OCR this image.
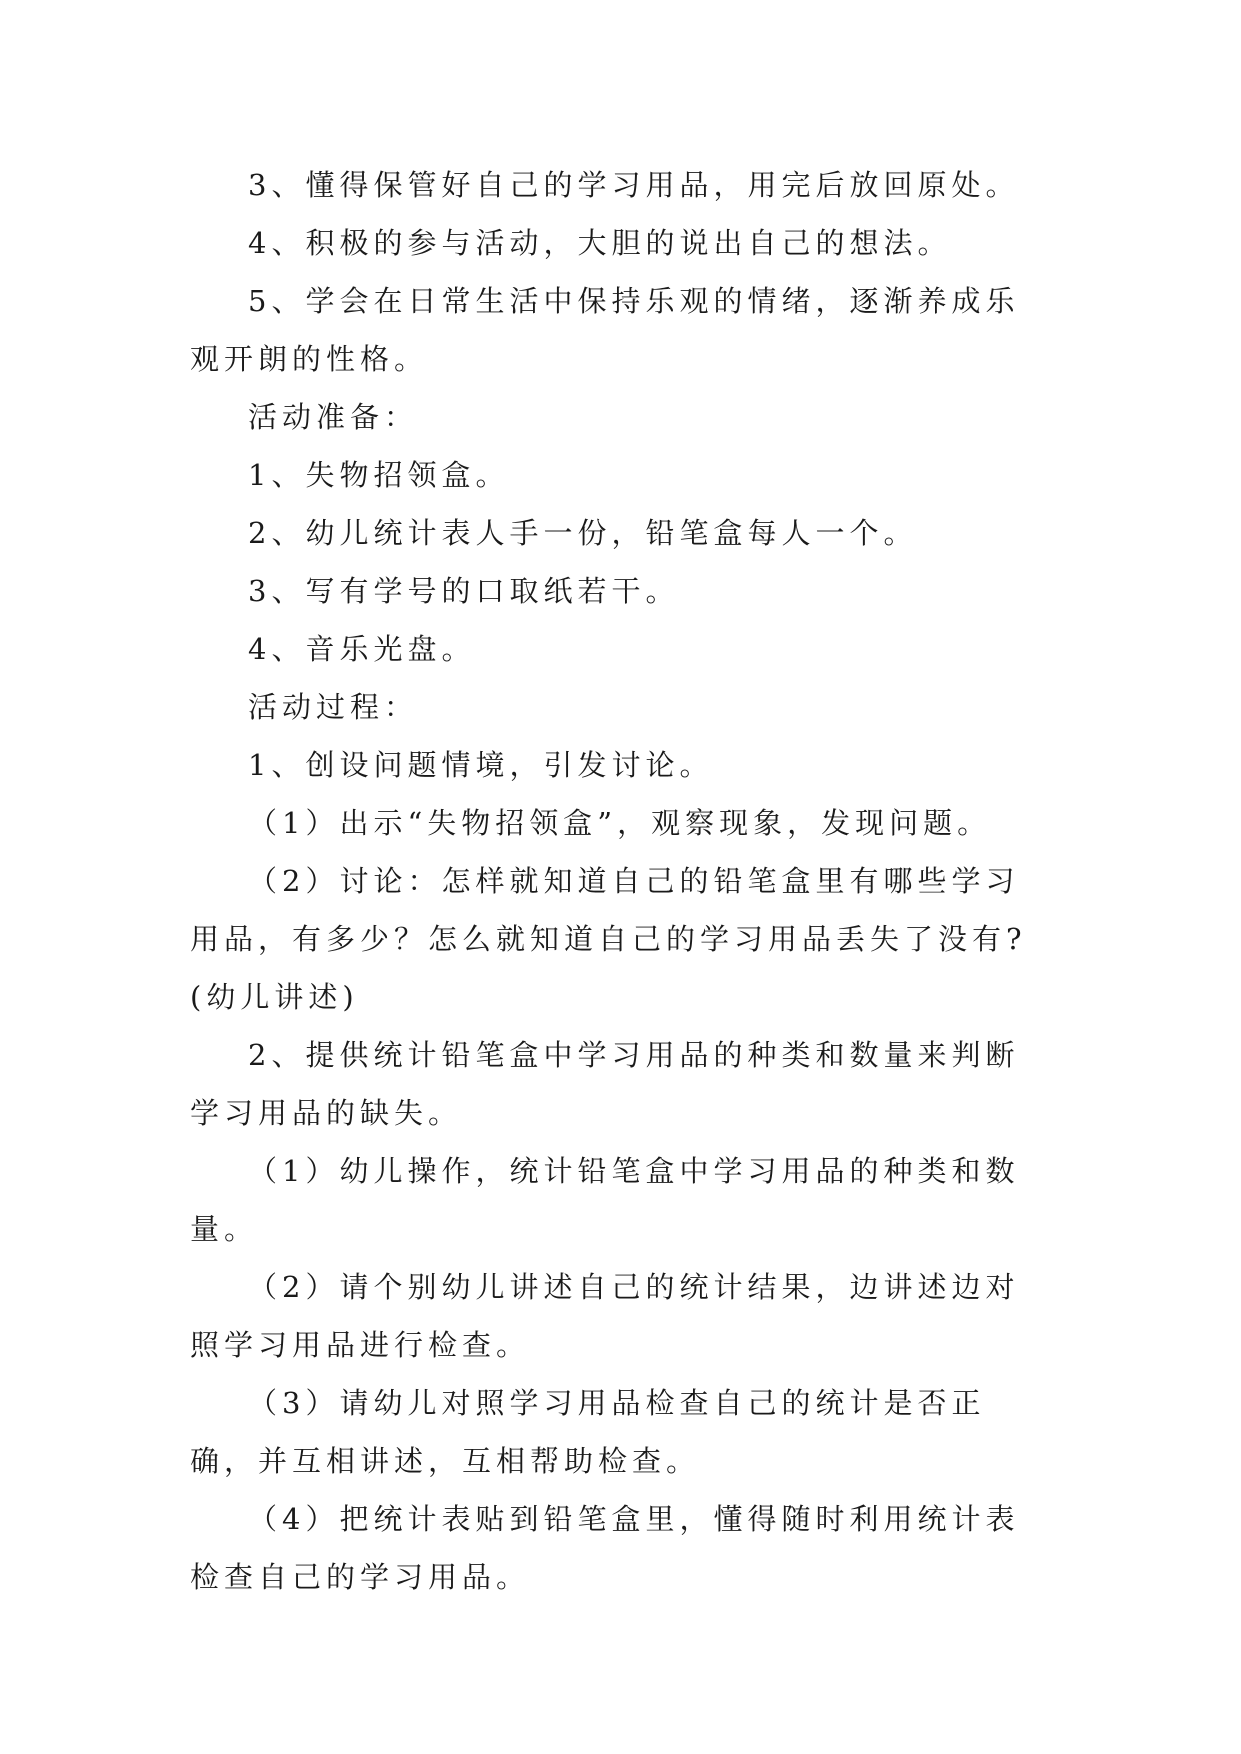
3、懂得保管好自己的学习用品，用完后放回原处。

4、积极的参与活动，大胆的说出自己的想法。

5、学会在日常生活中保持乐观的情绪，逐渐养成乐观开朗的性格。

活动准备：

1、失物招领盒。

2、幼儿统计表人手一份，铅笔盒每人一个。

3、写有学号的口取纸若干。

4、音乐光盘。

活动过程：

1、创设问题情境，引发讨论。

（1）出示“失物招领盒”，观察现象，发现问题。

（2）讨论：怎样就知道自己的铅笔盒里有哪些学习用品，有多少？怎么就知道自己的学习用品丢失了没有?(幼儿讲述)

2、提供统计铅笔盒中学习用品的种类和数量来判断学习用品的缺失。

（1）幼儿操作，统计铅笔盒中学习用品的种类和数量。

（2）请个别幼儿讲述自己的统计结果，边讲述边对照学习用品进行检查。

（3）请幼儿对照学习用品检查自己的统计是否正确，并互相讲述，互相帮助检查。

（4）把统计表贴到铅笔盒里，懂得随时利用统计表检查自己的学习用品。
